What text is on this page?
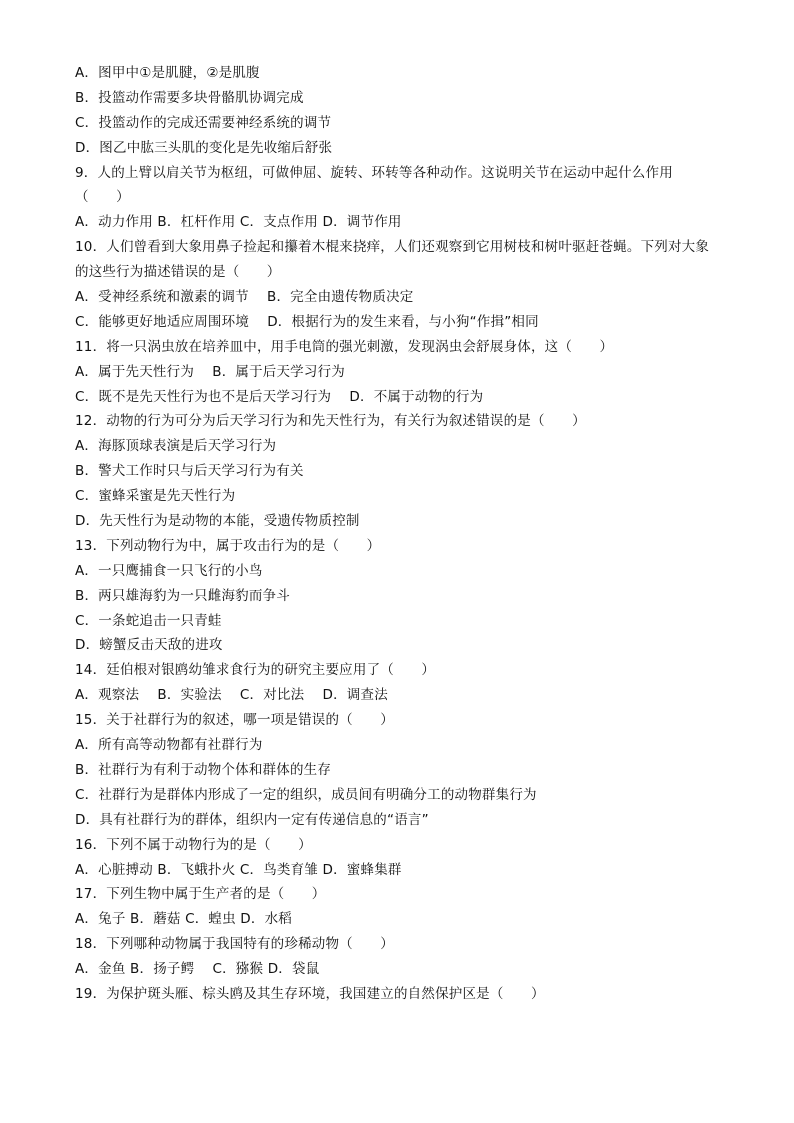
A．图甲中①是肌腱，②是肌腹
B．投篮动作需要多块骨骼肌协调完成
C．投篮动作的完成还需要神经系统的调节
D．图乙中肱三头肌的变化是先收缩后舒张
9．人的上臂以肩关节为枢纽，可做伸屈、旋转、环转等各种动作。这说明关节在运动中起什么作用
（　　）
A．动力作用 B．杠杆作用 C．支点作用 D．调节作用
10．人们曾看到大象用鼻子捡起和攥着木棍来挠痒，人们还观察到它用树枝和树叶驱赶苍蝇。下列对大象
的这些行为描述错误的是（　　）
A．受神经系统和激素的调节　 B．完全由遗传物质决定
C．能够更好地适应周围环境　 D．根据行为的发生来看，与小狗“作揖”相同
11．将一只涡虫放在培养皿中，用手电筒的强光刺激，发现涡虫会舒展身体，这（　　）
A．属于先天性行为　 B．属于后天学习行为
C．既不是先天性行为也不是后天学习行为　 D．不属于动物的行为
12．动物的行为可分为后天学习行为和先天性行为，有关行为叙述错误的是（　　）
A．海豚顶球表演是后天学习行为
B．警犬工作时只与后天学习行为有关
C．蜜蜂采蜜是先天性行为
D．先天性行为是动物的本能，受遗传物质控制
13．下列动物行为中，属于攻击行为的是（　　）
A．一只鹰捕食一只飞行的小鸟
B．两只雄海豹为一只雌海豹而争斗
C．一条蛇追击一只青蛙
D．螃蟹反击天敌的进攻
14．廷伯根对银鸥幼雏求食行为的研究主要应用了（　　）
A．观察法　 B．实验法　 C．对比法　 D．调查法
15．关于社群行为的叙述，哪一项是错误的（　　）
A．所有高等动物都有社群行为
B．社群行为有利于动物个体和群体的生存
C．社群行为是群体内形成了一定的组织，成员间有明确分工的动物群集行为
D．具有社群行为的群体，组织内一定有传递信息的“语言”
16．下列不属于动物行为的是（　　）
A．心脏搏动 B．飞蛾扑火 C．鸟类育雏 D．蜜蜂集群
17．下列生物中属于生产者的是（　　）
A．兔子 B．蘑菇 C．蝗虫 D．水稻
18．下列哪种动物属于我国特有的珍稀动物（　　）
A．金鱼 B．扬子鳄　 C．猕猴 D．袋鼠
19．为保护斑头雁、棕头鸥及其生存环境，我国建立的自然保护区是（　　）
